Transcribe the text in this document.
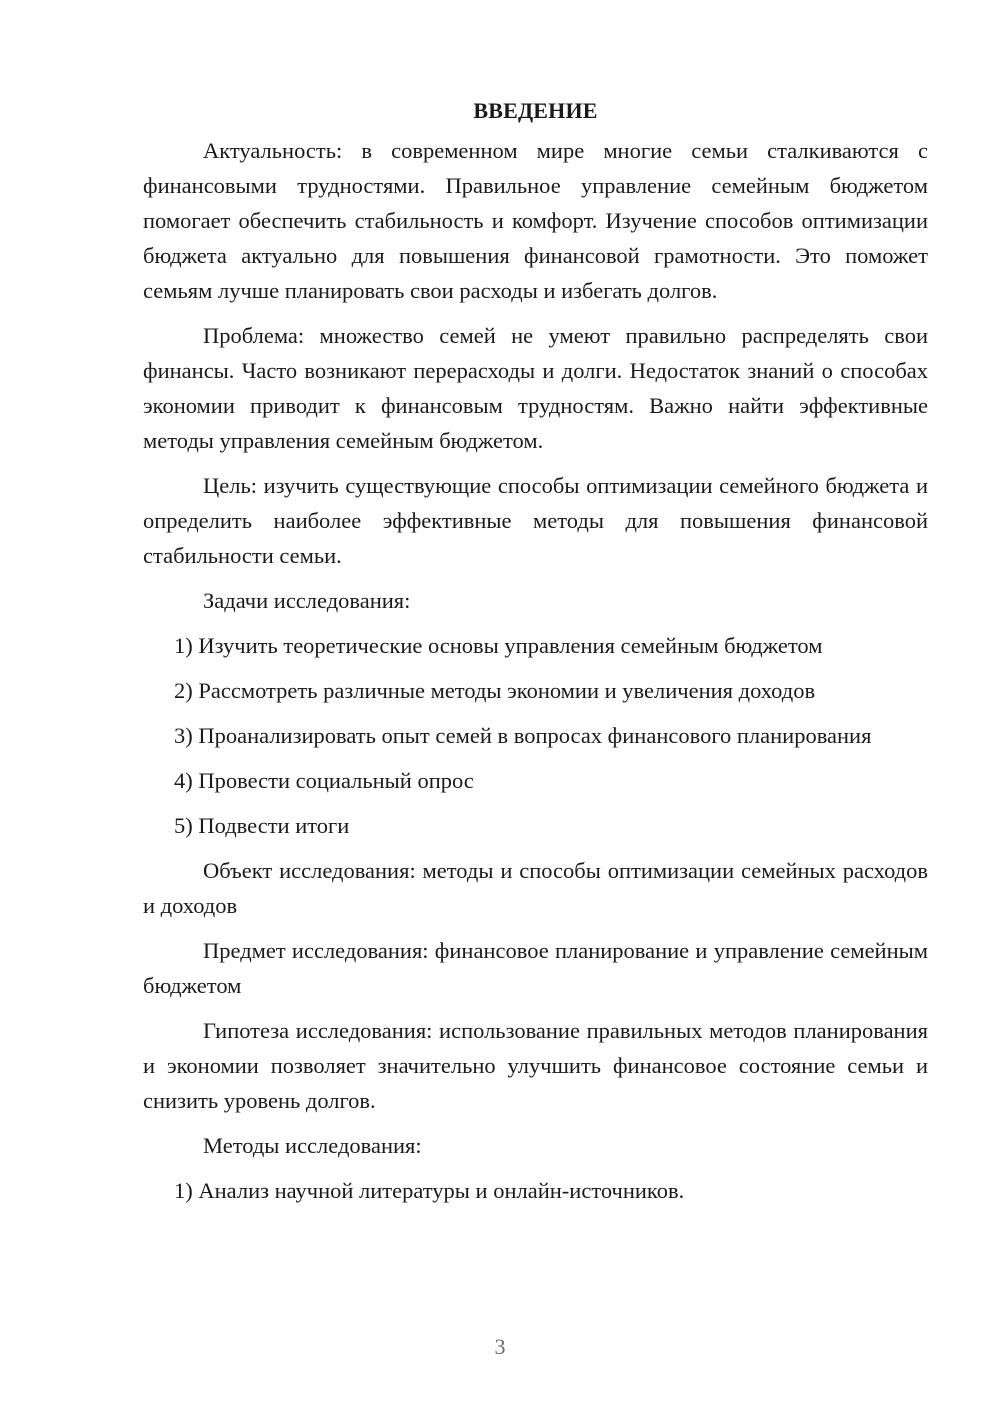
ВВЕДЕНИЕ

Актуальность: в современном мире многие семьи сталкиваются с финансовыми трудностями. Правильное управление семейным бюджетом помогает обеспечить стабильность и комфорт. Изучение способов оптимизации бюджета актуально для повышения финансовой грамотности. Это поможет семьям лучше планировать свои расходы и избегать долгов.

Проблема: множество семей не умеют правильно распределять свои финансы. Часто возникают перерасходы и долги. Недостаток знаний о способах экономии приводит к финансовым трудностям. Важно найти эффективные методы управления семейным бюджетом.

Цель: изучить существующие способы оптимизации семейного бюджета и определить наиболее эффективные методы для повышения финансовой стабильности семьи.

Задачи исследования:

1) Изучить теоретические основы управления семейным бюджетом

2) Рассмотреть различные методы экономии и увеличения доходов

3) Проанализировать опыт семей в вопросах финансового планирования

4) Провести социальный опрос

5) Подвести итоги

Объект исследования: методы и способы оптимизации семейных расходов и доходов

Предмет исследования: финансовое планирование и управление семейным бюджетом

Гипотеза исследования: использование правильных методов планирования и экономии позволяет значительно улучшить финансовое состояние семьи и снизить уровень долгов.

Методы исследования:

1) Анализ научной литературы и онлайн-источников.

3
